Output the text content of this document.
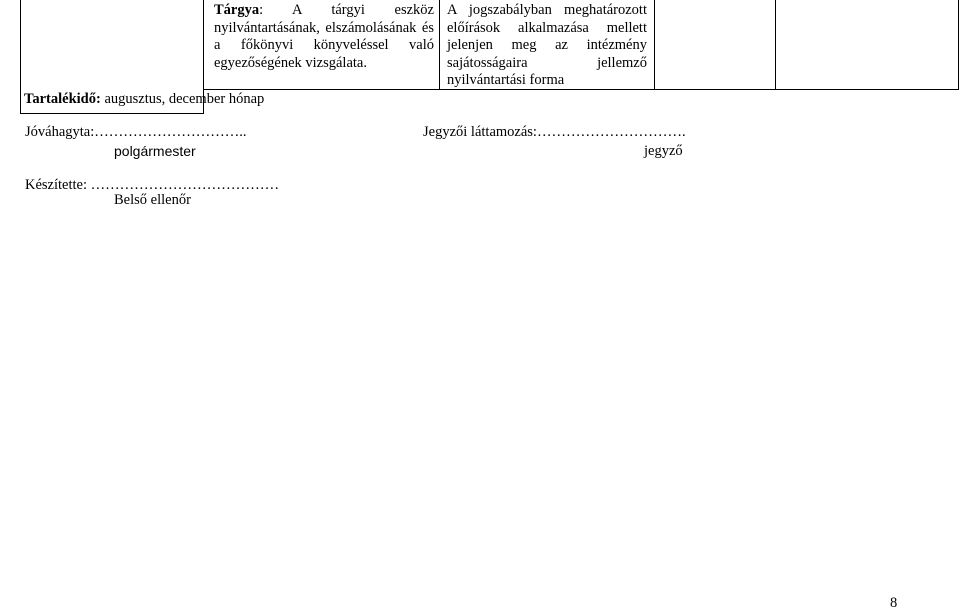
Tartalékidő: augusztus, december hónap
Tárgya: A tárgyi eszköz nyilvántartásának, elszámolásának és a főkönyvi könyveléssel való egyezőségének vizsgálata.
A jogszabályban meghatározott előírások alkalmazása mellett jelenjen meg az intézmény sajátosságaira jellemző nyilvántartási forma
Jóváhagyta:…………………………..
polgármester
Jegyzői láttamozás:………………………….
jegyző
Készítette: …………………………………
Belső ellenőr
8
